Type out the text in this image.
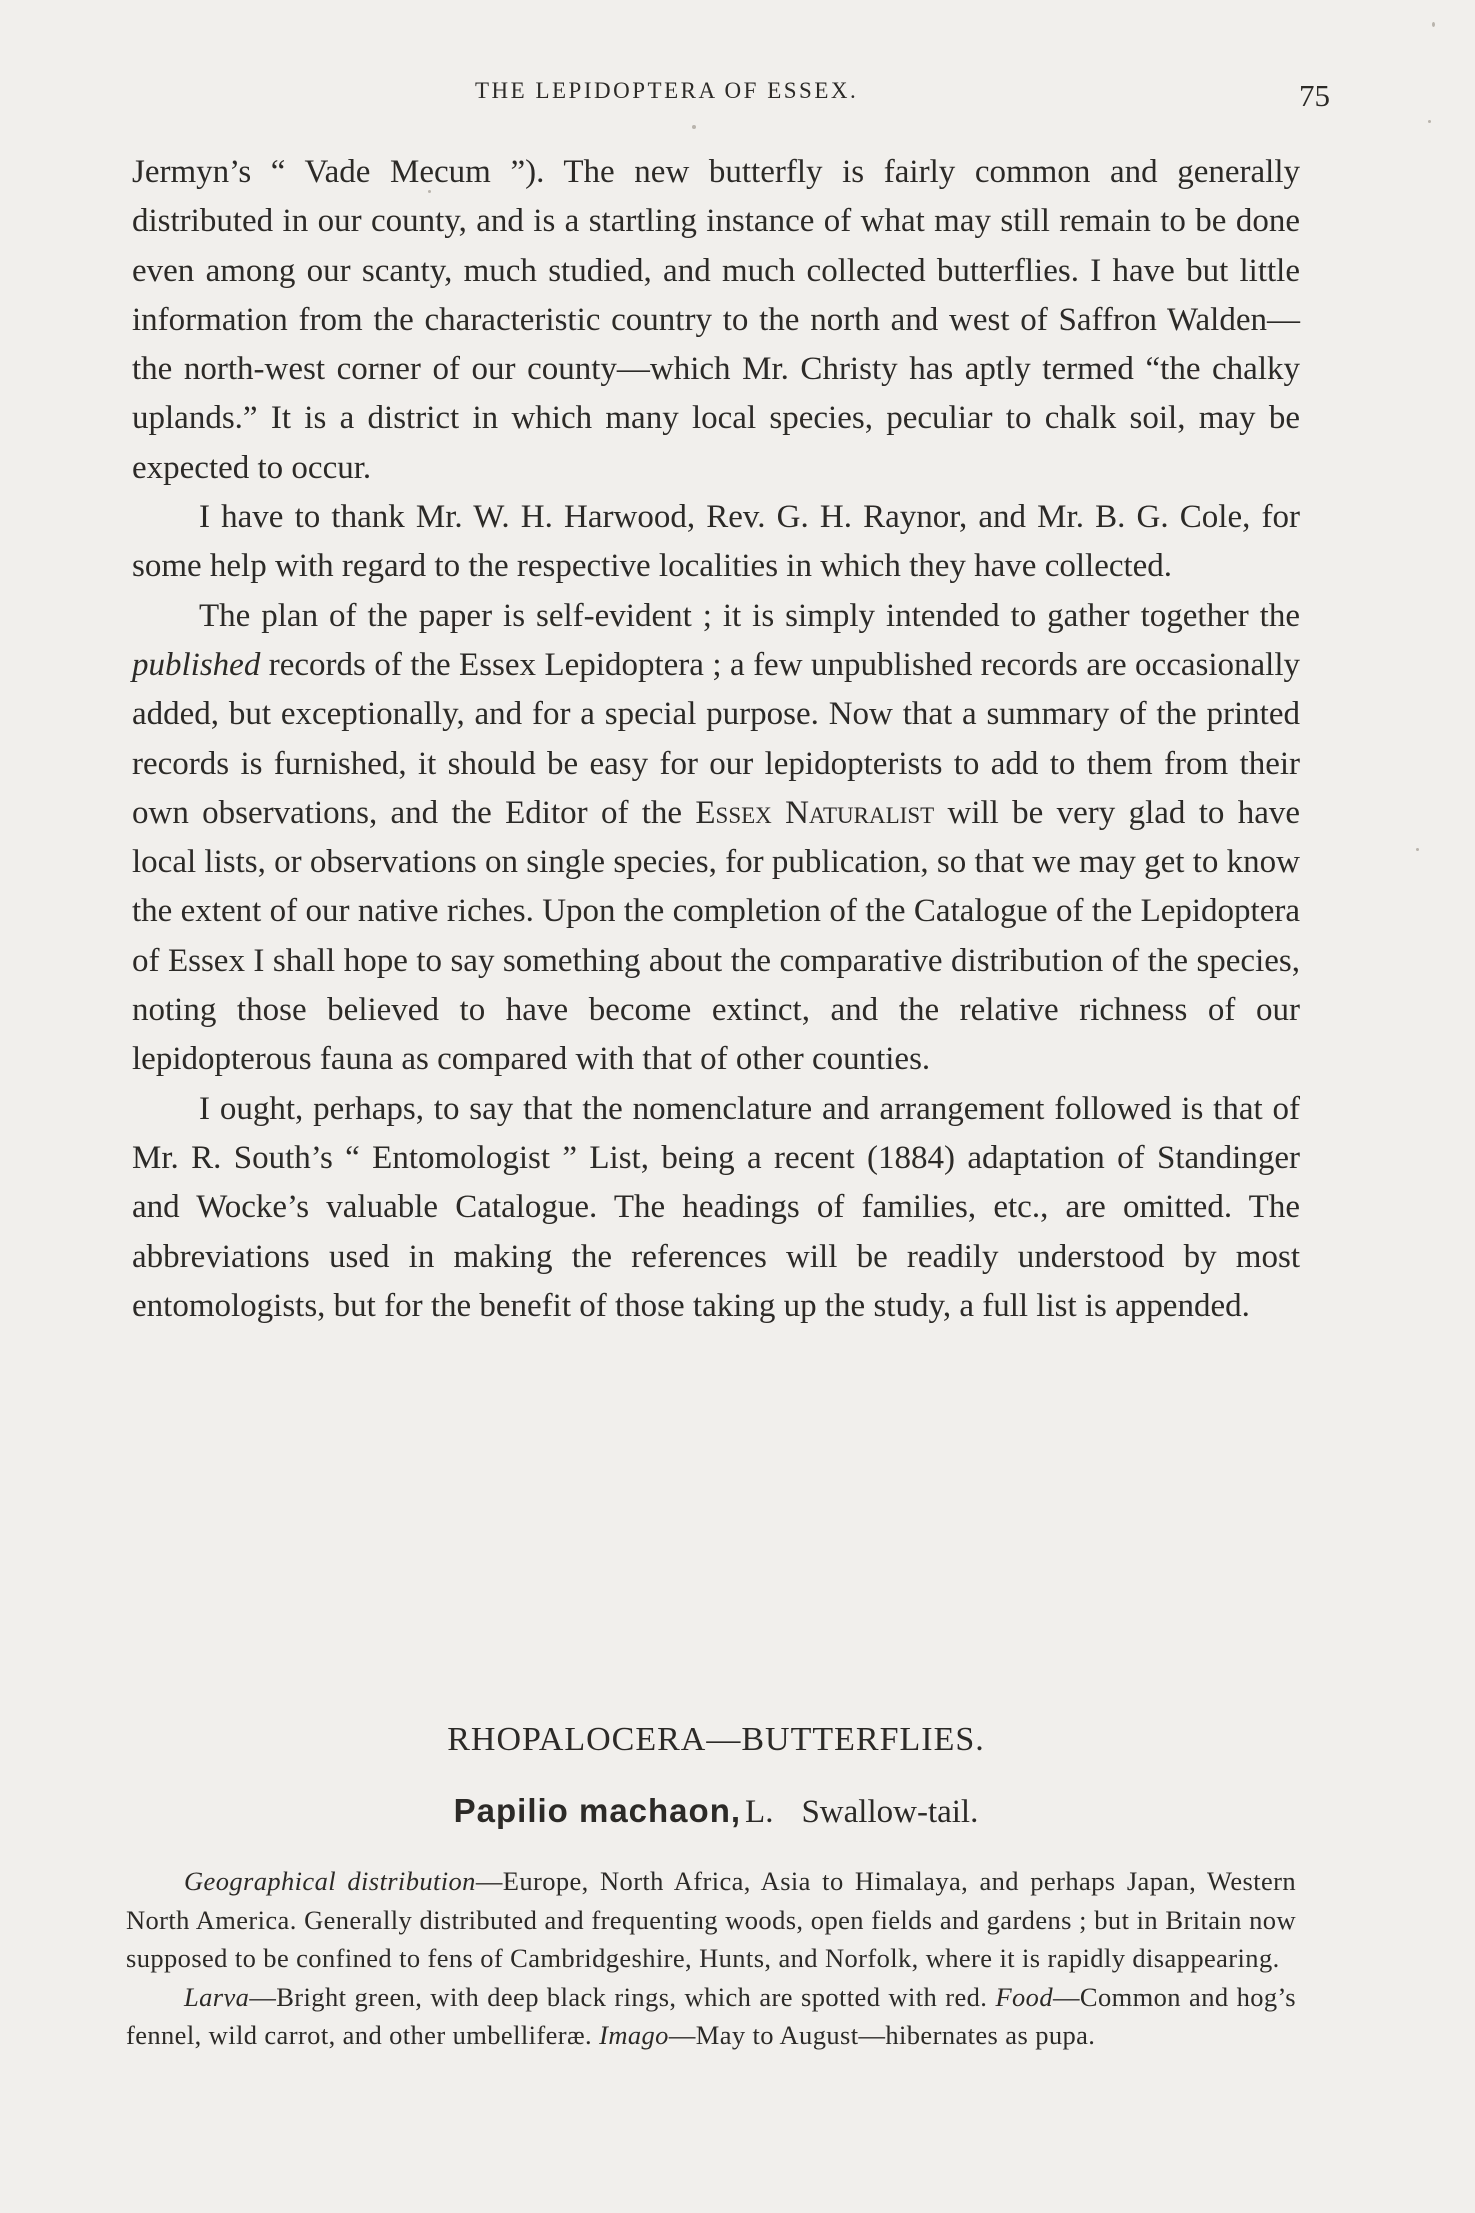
THE LEPIDOPTERA OF ESSEX.	75

Jermyn’s “ Vade Mecum ”). The new butterfly is fairly common and generally distributed in our county, and is a startling instance of what may still remain to be done even among our scanty, much studied, and much collected butterflies. I have but little information from the characteristic country to the north and west of Saffron Walden—the north-west corner of our county—which Mr. Christy has aptly termed “the chalky uplands.” It is a district in which many local species, peculiar to chalk soil, may be expected to occur.

I have to thank Mr. W. H. Harwood, Rev. G. H. Raynor, and Mr. B. G. Cole, for some help with regard to the respective localities in which they have collected.

The plan of the paper is self-evident ; it is simply intended to gather together the published records of the Essex Lepidoptera ; a few unpublished records are occasionally added, but exceptionally, and for a special purpose. Now that a summary of the printed records is furnished, it should be easy for our lepidopterists to add to them from their own observations, and the Editor of the Essex Naturalist will be very glad to have local lists, or observations on single species, for publication, so that we may get to know the extent of our native riches. Upon the completion of the Catalogue of the Lepidoptera of Essex I shall hope to say something about the comparative distribution of the species, noting those believed to have become extinct, and the relative richness of our lepidopterous fauna as compared with that of other counties.

I ought, perhaps, to say that the nomenclature and arrangement followed is that of Mr. R. South’s “ Entomologist ” List, being a recent (1884) adaptation of Standinger and Wocke’s valuable Catalogue. The headings of families, etc., are omitted. The abbreviations used in making the references will be readily understood by most entomologists, but for the benefit of those taking up the study, a full list is appended.

RHOPALOCERA—BUTTERFLIES.
Papilio machaon, L. Swallow-tail.

Geographical distribution—Europe, North Africa, Asia to Himalaya, and perhaps Japan, Western North America. Generally distributed and frequenting woods, open fields and gardens ; but in Britain now supposed to be confined to fens of Cambridgeshire, Hunts, and Norfolk, where it is rapidly disappearing.

Larva—Bright green, with deep black rings, which are spotted with red. Food—Common and hog’s fennel, wild carrot, and other umbelliferæ. Imago—May to August—hibernates as pupa.
